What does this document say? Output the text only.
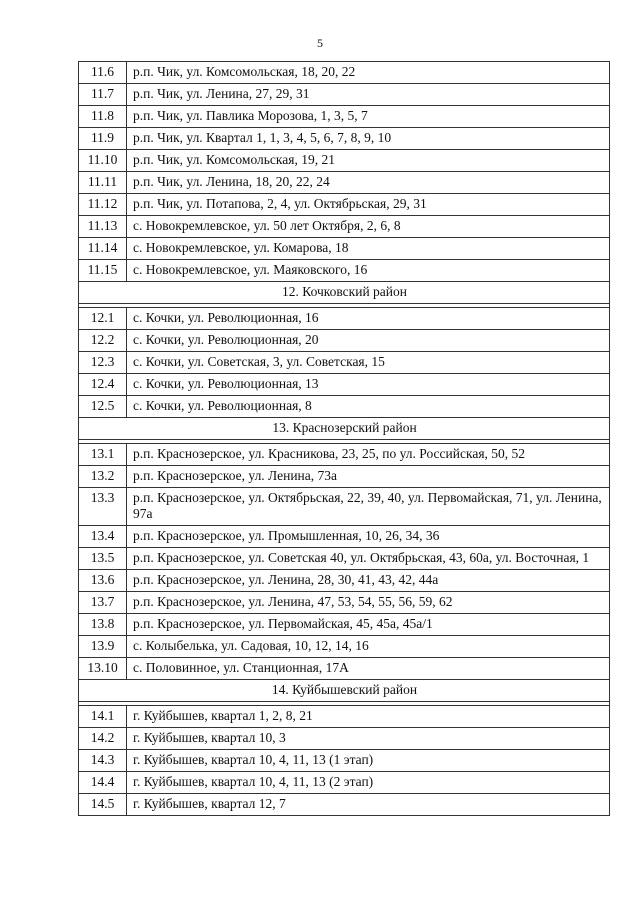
5
11.6	р.п. Чик, ул. Комсомольская, 18, 20, 22
11.7	р.п. Чик, ул. Ленина, 27, 29, 31
11.8	р.п. Чик, ул. Павлика Морозова, 1, 3, 5, 7
11.9	р.п. Чик, ул. Квартал 1, 1, 3, 4, 5, 6, 7, 8, 9, 10
11.10	р.п. Чик, ул. Комсомольская, 19, 21
11.11	р.п. Чик, ул. Ленина, 18, 20, 22, 24
11.12	р.п. Чик, ул. Потапова, 2, 4, ул. Октябрьская, 29, 31
11.13	с. Новокремлевское, ул. 50 лет Октября, 2, 6, 8
11.14	с. Новокремлевское, ул. Комарова, 18
11.15	с. Новокремлевское, ул. Маяковского, 16
12. Кочковский район	

12.1	с. Кочки, ул. Революционная, 16
12.2	с. Кочки, ул. Революционная, 20
12.3	с. Кочки, ул. Советская, 3, ул. Советская, 15
12.4	с. Кочки, ул. Революционная, 13
12.5	с. Кочки, ул. Революционная, 8
13. Краснозерский район	

13.1	р.п. Краснозерское, ул. Красникова, 23, 25, по ул. Российская, 50, 52
13.2	р.п. Краснозерское, ул. Ленина, 73а
13.3	р.п. Краснозерское, ул. Октябрьская, 22, 39, 40, ул. Первомайская, 71, ул. Ленина, 97а
13.4	р.п. Краснозерское, ул. Промышленная, 10, 26, 34, 36
13.5	р.п. Краснозерское, ул. Советская 40, ул. Октябрьская, 43, 60а, ул. Восточная, 1
13.6	р.п. Краснозерское, ул. Ленина, 28, 30, 41, 43, 42, 44а
13.7	р.п. Краснозерское, ул. Ленина, 47, 53, 54, 55, 56, 59, 62
13.8	р.п. Краснозерское, ул. Первомайская, 45, 45а, 45а/1
13.9	с. Колыбелька, ул. Садовая, 10, 12, 14, 16
13.10	с. Половинное, ул. Станционная, 17А
14. Куйбышевский район	

14.1	г. Куйбышев, квартал 1, 2, 8, 21
14.2	г. Куйбышев, квартал 10, 3
14.3	г. Куйбышев, квартал 10, 4, 11, 13 (1 этап)
14.4	г. Куйбышев, квартал 10, 4, 11, 13 (2 этап)
14.5	г. Куйбышев, квартал 12, 7
